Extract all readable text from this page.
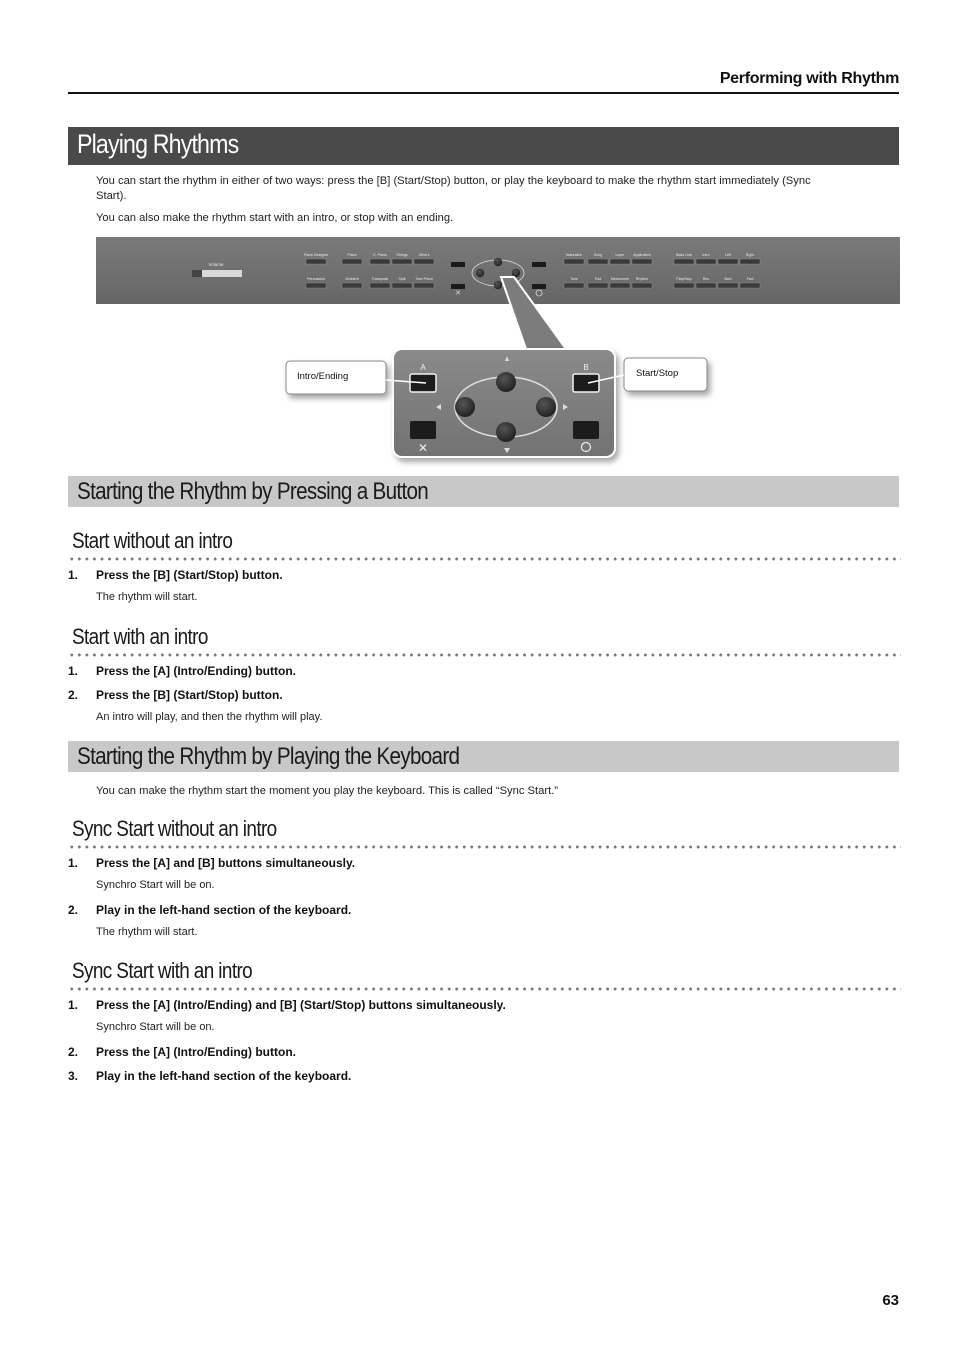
Performing with Rhythm
Playing Rhythms
You can start the rhythm in either of two ways: press the [B] (Start/Stop) button, or play the keyboard to make the rhythm start immediately (Sync
Start).
You can also make the rhythm start with an intro, or stop with an ending.
Volume
Piano Designer	Piano	E. Piano	Strings	Others	Naturalize	Song	Layer Application	Bass Line	Intro	Left	Right
Percussion	Ambient	Transpose	Split	Twin Piano	Tone	Pad	Metronome Rhythm	Play/Stop	Rec	Bwd	Fwd
✕
A	B
✕
Intro/Ending	Start/Stop
Starting the Rhythm by Pressing a Button
Start without an intro
1. Press the [B] (Start/Stop) button.
The rhythm will start.
Start with an intro
1. Press the [A] (Intro/Ending) button.
2. Press the [B] (Start/Stop) button.
An intro will play, and then the rhythm will play.
Starting the Rhythm by Playing the Keyboard
You can make the rhythm start the moment you play the keyboard. This is called “Sync Start.”
Sync Start without an intro
1. Press the [A] and [B] buttons simultaneously.
Synchro Start will be on.
2. Play in the left-hand section of the keyboard.
The rhythm will start.
Sync Start with an intro
1. Press the [A] (Intro/Ending) and [B] (Start/Stop) buttons simultaneously.
Synchro Start will be on.
2. Press the [A] (Intro/Ending) button.
3. Play in the left-hand section of the keyboard.
63
